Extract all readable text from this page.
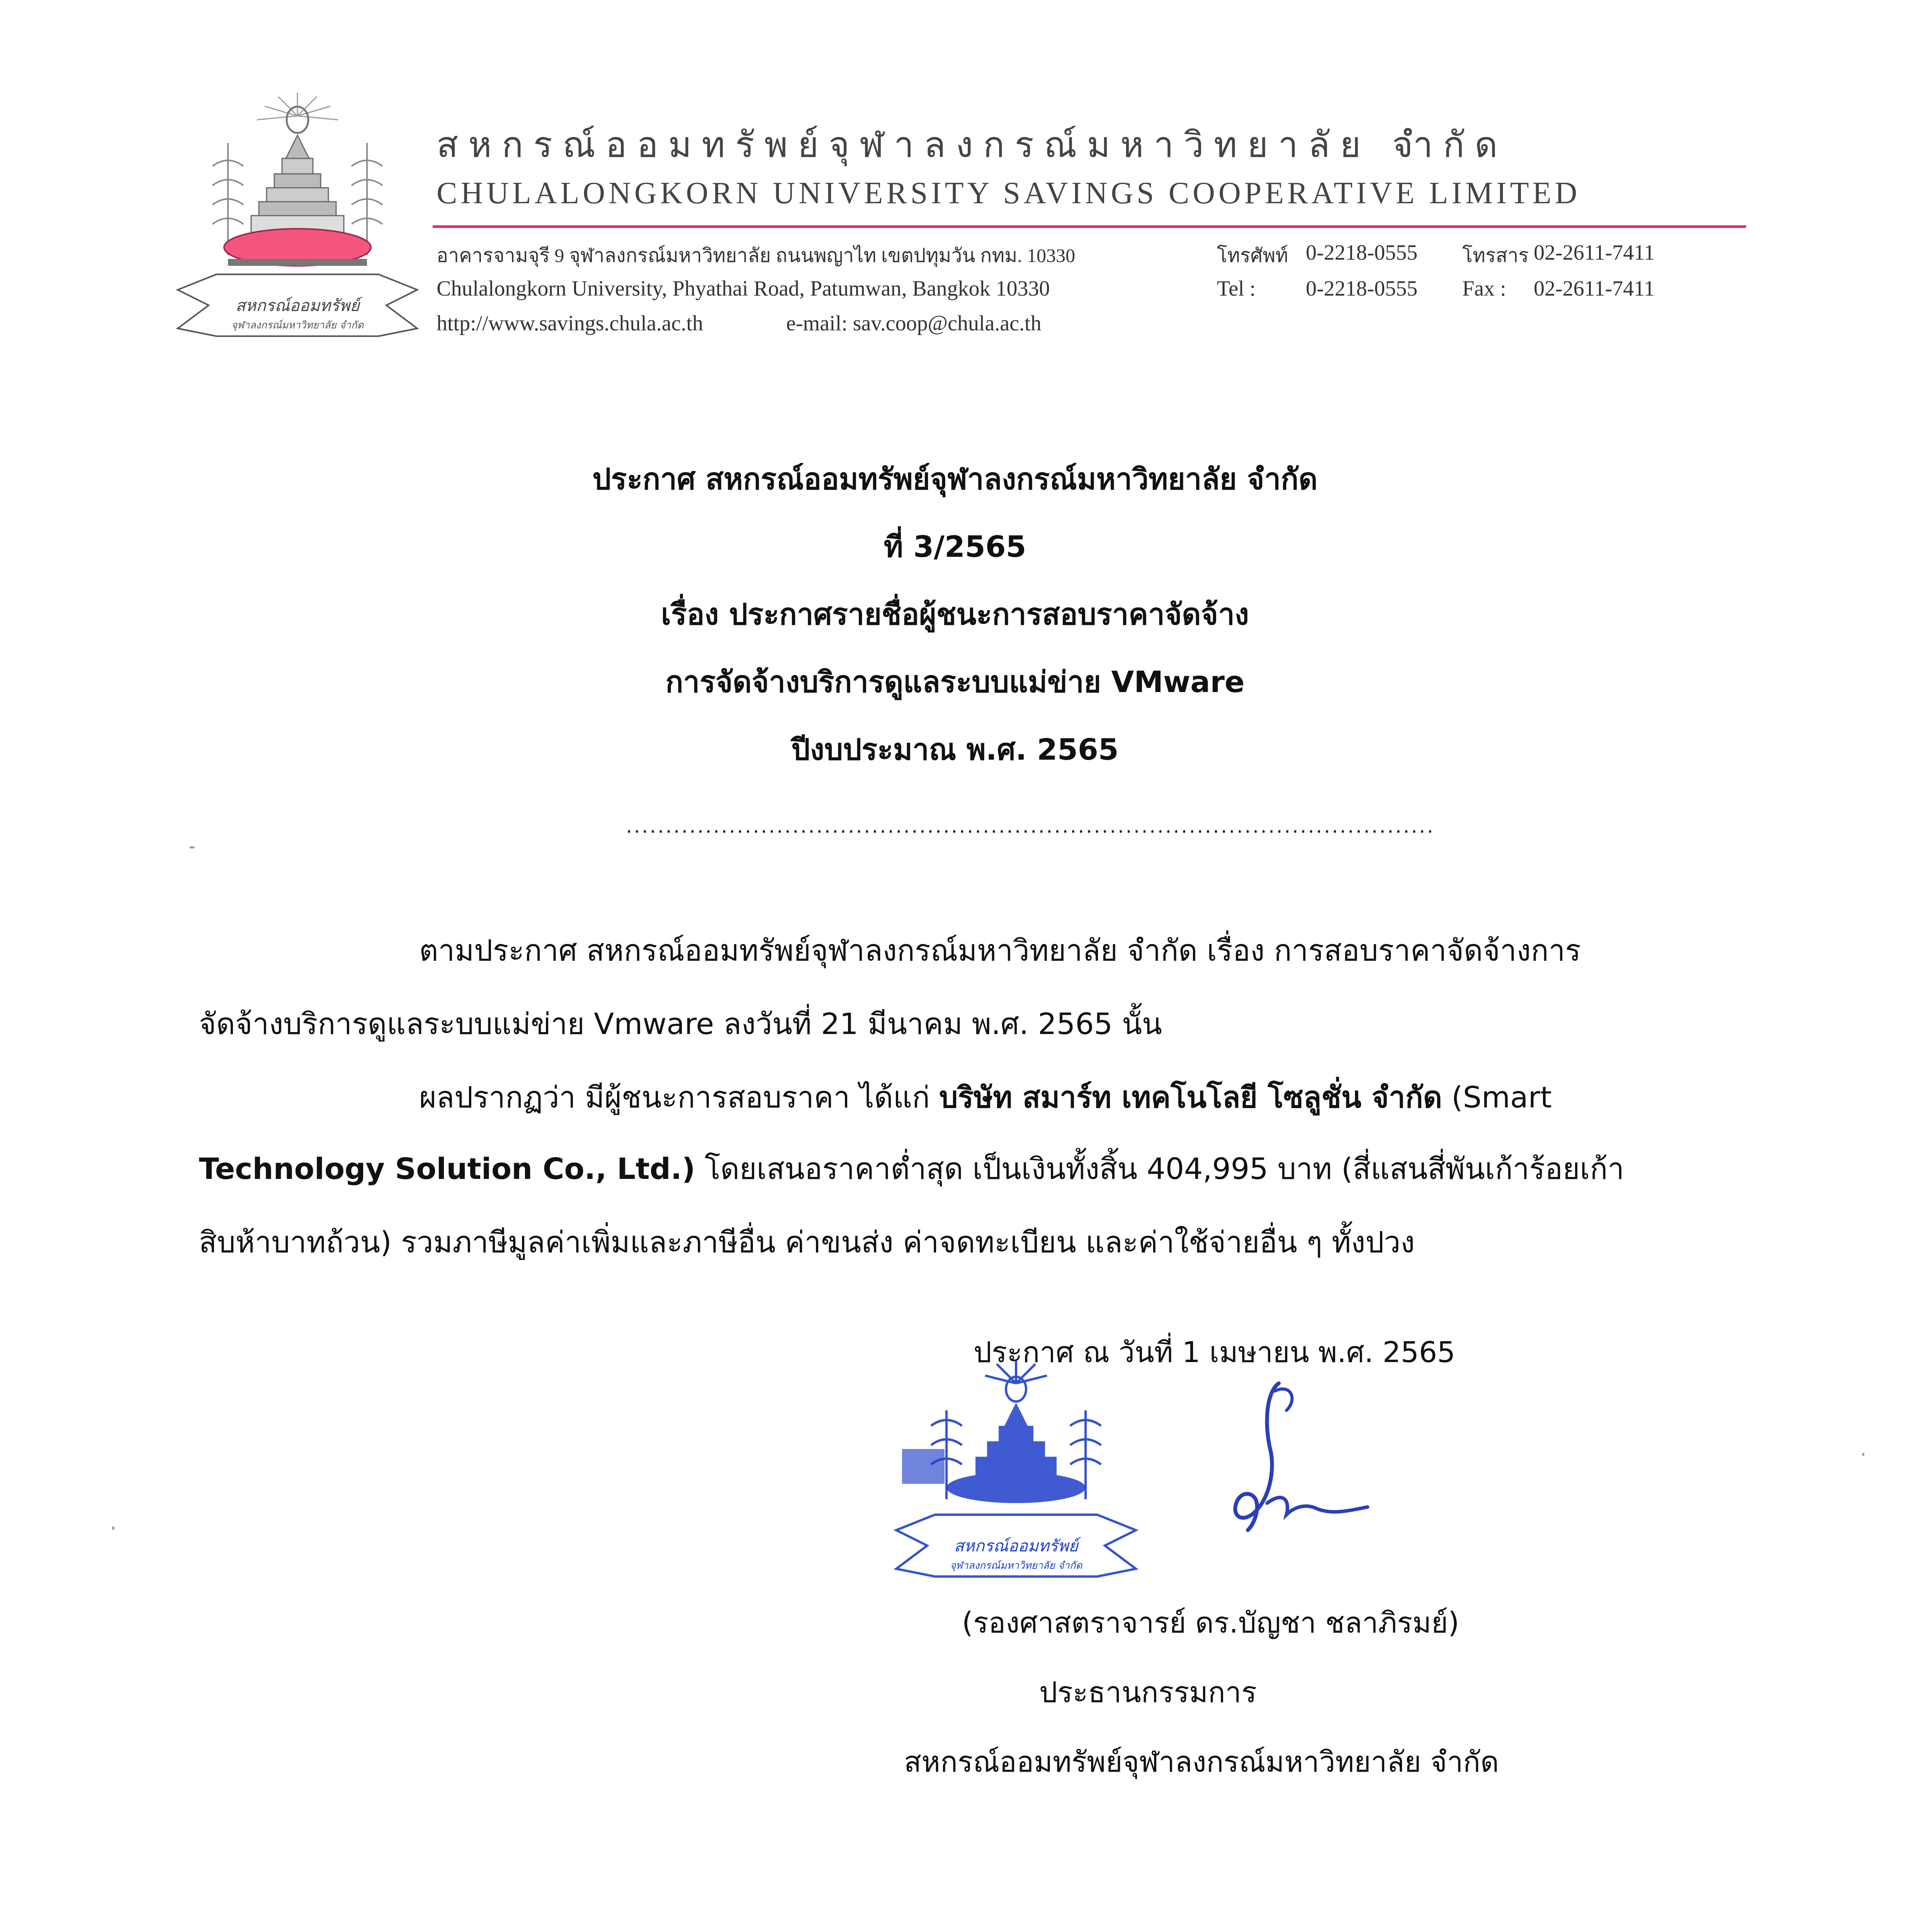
สหกรณ์ออมทรัพย์
จุฬาลงกรณ์มหาวิทยาลัย จำกัด
สหกรณ์ออมทรัพย์จุฬาลงกรณ์มหาวิทยาลัย จำกัด
CHULALONGKORN UNIVERSITY SAVINGS COOPERATIVE LIMITED
อาคารจามจุรี 9 จุฬาลงกรณ์มหาวิทยาลัย ถนนพญาไท เขตปทุมวัน กทม. 10330
Chulalongkorn University, Phyathai Road, Patumwan, Bangkok 10330
http://www.savings.chula.ac.th	e-mail: sav.coop@chula.ac.th
โทรศัพท์ 0-2218-0555 โทรสาร 02-2611-7411
Tel : 0-2218-0555 Fax : 02-2611-7411
ประกาศ สหกรณ์ออมทรัพย์จุฬาลงกรณ์มหาวิทยาลัย จำกัด
ที่ 3/2565
เรื่อง ประกาศรายชื่อผู้ชนะการสอบราคาจัดจ้าง
การจัดจ้างบริการดูแลระบบแม่ข่าย VMware
ปีงบประมาณ พ.ศ. 2565
......................................................................................................
ตามประกาศ สหกรณ์ออมทรัพย์จุฬาลงกรณ์มหาวิทยาลัย จำกัด เรื่อง การสอบราคาจัดจ้างการ
จัดจ้างบริการดูแลระบบแม่ข่าย Vmware ลงวันที่ 21 มีนาคม พ.ศ. 2565 นั้น
ผลปรากฏว่า มีผู้ชนะการสอบราคา ได้แก่ บริษัท สมาร์ท เทคโนโลยี โซลูชั่น จำกัด (Smart
Technology Solution Co., Ltd.) โดยเสนอราคาต่ำสุด เป็นเงินทั้งสิ้น 404,995 บาท (สี่แสนสี่พันเก้าร้อยเก้า
สิบห้าบาทถ้วน) รวมภาษีมูลค่าเพิ่มและภาษีอื่น ค่าขนส่ง ค่าจดทะเบียน และค่าใช้จ่ายอื่น ๆ ทั้งปวง
ประกาศ ณ วันที่ 1 เมษายน พ.ศ. 2565
สหกรณ์ออมทรัพย์
จุฬาลงกรณ์มหาวิทยาลัย จำกัด
(รองศาสตราจารย์ ดร.บัญชา ชลาภิรมย์)
ประธานกรรมการ
สหกรณ์ออมทรัพย์จุฬาลงกรณ์มหาวิทยาลัย จำกัด
